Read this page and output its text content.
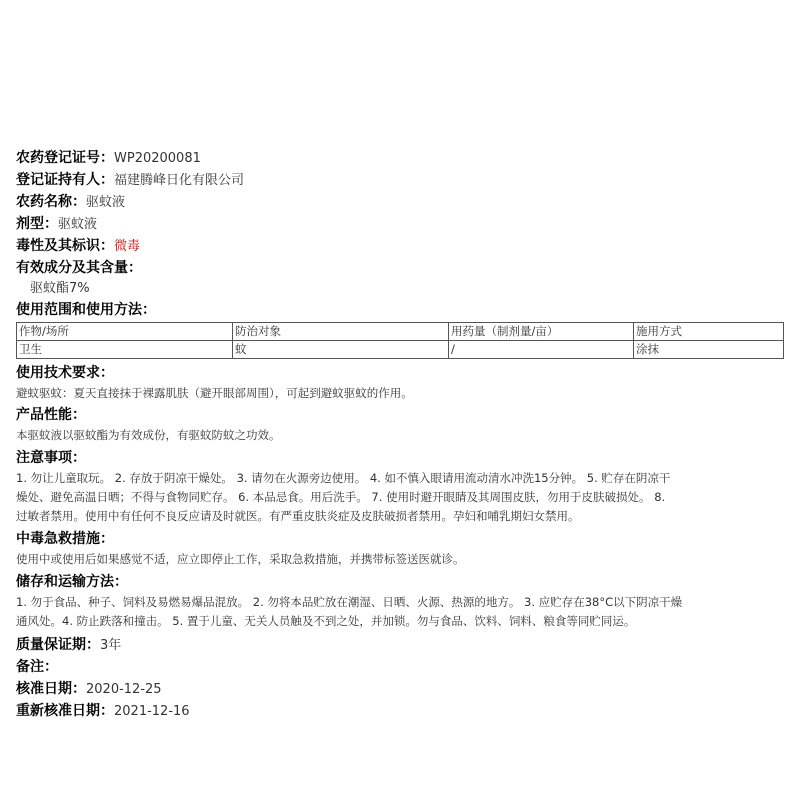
农药登记证号： WP20200081
登记证持有人： 福建腾峰日化有限公司
农药名称： 驱蚊液
剂型： 驱蚊液
毒性及其标识： 微毒
有效成分及其含量：
驱蚊酯7%
使用范围和使用方法：
作物/场所	防治对象	用药量（制剂量/亩）	施用方式
卫生	蚊	/	涂抹
使用技术要求：
避蚊驱蚊：夏天直接抹于裸露肌肤（避开眼部周围），可起到避蚊驱蚊的作用。
产品性能：
本驱蚊液以驱蚊酯为有效成份，有驱蚊防蚊之功效。
注意事项：
1. 勿让儿童取玩。 2. 存放于阴凉干燥处。 3. 请勿在火源旁边使用。 4. 如不慎入眼请用流动清水冲洗15分钟。 5. 贮存在阴凉干
燥处、避免高温日晒；不得与食物同贮存。 6. 本品忌食。用后洗手。 7. 使用时避开眼睛及其周围皮肤，勿用于皮肤破损处。 8.
过敏者禁用。使用中有任何不良反应请及时就医。有严重皮肤炎症及皮肤破损者禁用。孕妇和哺乳期妇女禁用。
中毒急救措施：
使用中或使用后如果感觉不适，应立即停止工作，采取急救措施，并携带标签送医就诊。
储存和运输方法：
1. 勿于食品、种子、饲料及易燃易爆品混放。 2. 勿将本品贮放在潮湿、日晒、火源、热源的地方。 3. 应贮存在38°C以下阴凉干燥
通风处。4. 防止跌落和撞击。 5. 置于儿童、无关人员触及不到之处，并加锁。勿与食品、饮料、饲料、粮食等同贮同运。
质量保证期： 3年
备注：
核准日期： 2020-12-25
重新核准日期： 2021-12-16
